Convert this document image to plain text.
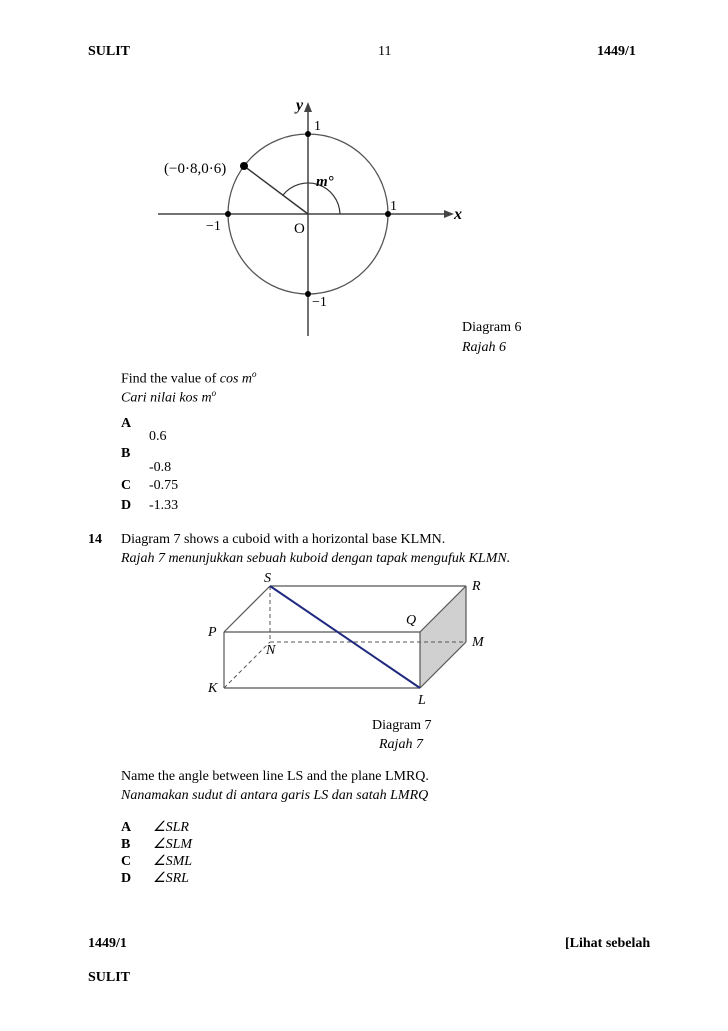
SULIT	11	1449/1
(−0·8,0·6)
y
x
O
m°
1
−1
1
−1
Diagram 6
Rajah 6
Find the value of $\cos m^o$
Cari nilai kos $m^o$
A
0.6
B
-0.8
C -0.75
D -1.33
14 Diagram 7 shows a cuboid with a horizontal base KLMN.
Rajah 7 menunjukkan sebuah kuboid dengan tapak mengufuk KLMN.
S
R
P
Q
N
M
K
L
Diagram 7
Rajah 7
Name the angle between line LS and the plane LMRQ.
Nanamakan sudut di antara garis LS dan satah LMRQ
A ∠SLR
B ∠SLM
C ∠SML
D ∠SRL
1449/1	[Lihat sebelah
SULIT
